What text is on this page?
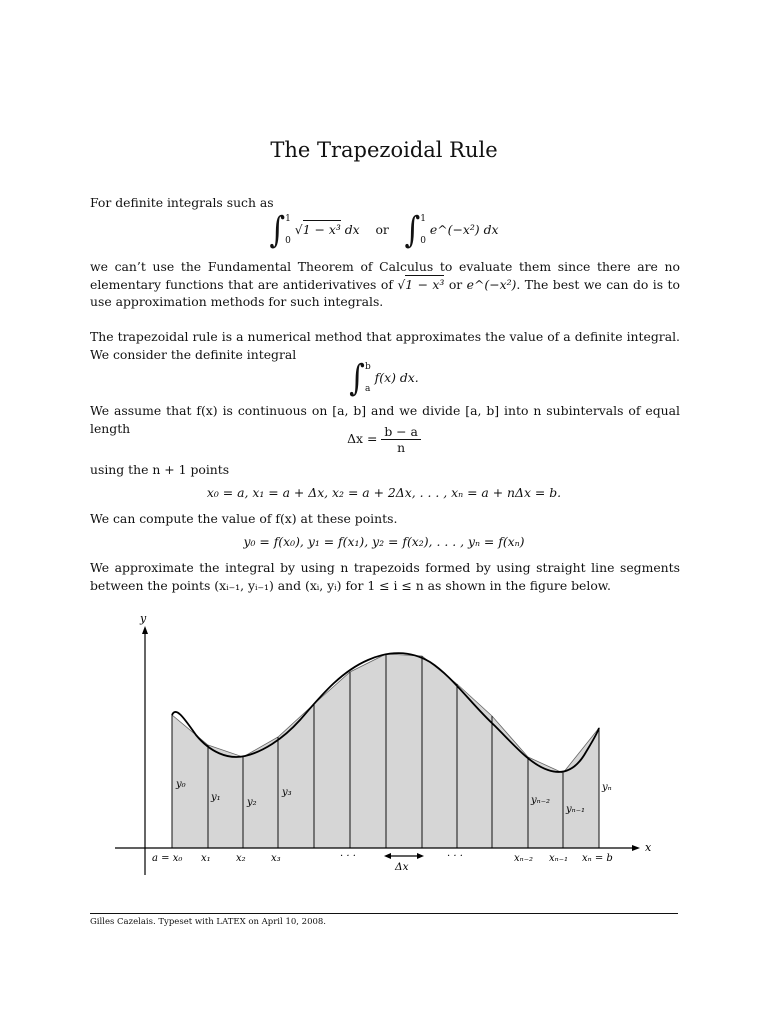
The Trapezoidal Rule
For definite integrals such as
∫1

0 √1 − x³ dx or ∫1

0 e^(−x²) dx
we can’t use the Fundamental Theorem of Calculus to evaluate them since there are no elementary functions that are antiderivatives of √1 − x³ or e^(−x²). The best we can do is to use approximation methods for such integrals.
The trapezoidal rule is a numerical method that approximates the value of a definite integral. We consider the definite integral
∫b

a f(x) dx.
We assume that f(x) is continuous on [a, b] and we divide [a, b] into n subintervals of equal length
$\Delta x = \frac{b - a}{n}$
using the n + 1 points
x₀ = a, x₁ = a + Δx, x₂ = a + 2Δx, . . . , xₙ = a + nΔx = b.
We can compute the value of f(x) at these points.
y₀ = f(x₀), y₁ = f(x₁), y₂ = f(x₂), . . . , yₙ = f(xₙ)
We approximate the integral by using n trapezoids formed by using straight line segments between the points (xᵢ₋₁, yᵢ₋₁) and (xᵢ, yᵢ) for 1 ≤ i ≤ n as shown in the figure below.
y
x
y₀
y₁	y₂
y₃
yₙ₋₂
yₙ₋₁
yₙ
a = x₀ x₁	x₂	x₃	· · ·	· · ·	xₙ₋₂ xₙ₋₁ xₙ = b
Δx
Gilles Cazelais. Typeset with LATEX on April 10, 2008.
